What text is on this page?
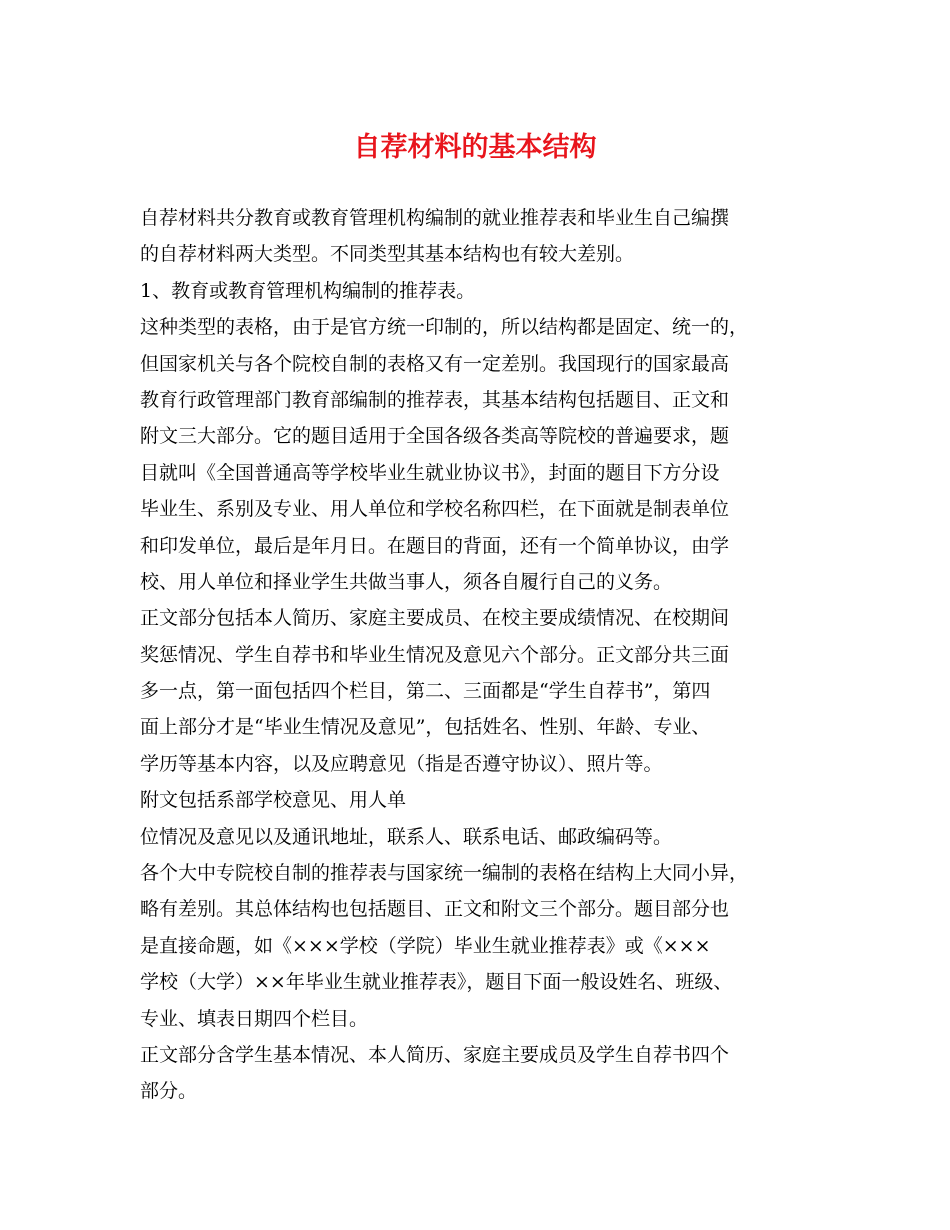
自荐材料的基本结构
自荐材料共分教育或教育管理机构编制的就业推荐表和毕业生自己编撰
的自荐材料两大类型。不同类型其基本结构也有较大差别。
1、教育或教育管理机构编制的推荐表。
这种类型的表格，由于是官方统一印制的，所以结构都是固定、统一的，
但国家机关与各个院校自制的表格又有一定差别。我国现行的国家最高
教育行政管理部门教育部编制的推荐表，其基本结构包括题目、正文和
附文三大部分。它的题目适用于全国各级各类高等院校的普遍要求，题
目就叫《全国普通高等学校毕业生就业协议书》，封面的题目下方分设
毕业生、系别及专业、用人单位和学校名称四栏，在下面就是制表单位
和印发单位，最后是年月日。在题目的背面，还有一个简单协议，由学
校、用人单位和择业学生共做当事人，须各自履行自己的义务。
正文部分包括本人简历、家庭主要成员、在校主要成绩情况、在校期间
奖惩情况、学生自荐书和毕业生情况及意见六个部分。正文部分共三面
多一点，第一面包括四个栏目，第二、三面都是“学生自荐书”，第四
面上部分才是“毕业生情况及意见”，包括姓名、性别、年龄、专业、
学历等基本内容，以及应聘意见（指是否遵守协议）、照片等。
附文包括系部学校意见、用人单
位情况及意见以及通讯地址，联系人、联系电话、邮政编码等。
各个大中专院校自制的推荐表与国家统一编制的表格在结构上大同小异，
略有差别。其总体结构也包括题目、正文和附文三个部分。题目部分也
是直接命题，如《×××学校（学院）毕业生就业推荐表》或《×××
学校（大学）××年毕业生就业推荐表》，题目下面一般设姓名、班级、
专业、填表日期四个栏目。
正文部分含学生基本情况、本人简历、家庭主要成员及学生自荐书四个
部分。
